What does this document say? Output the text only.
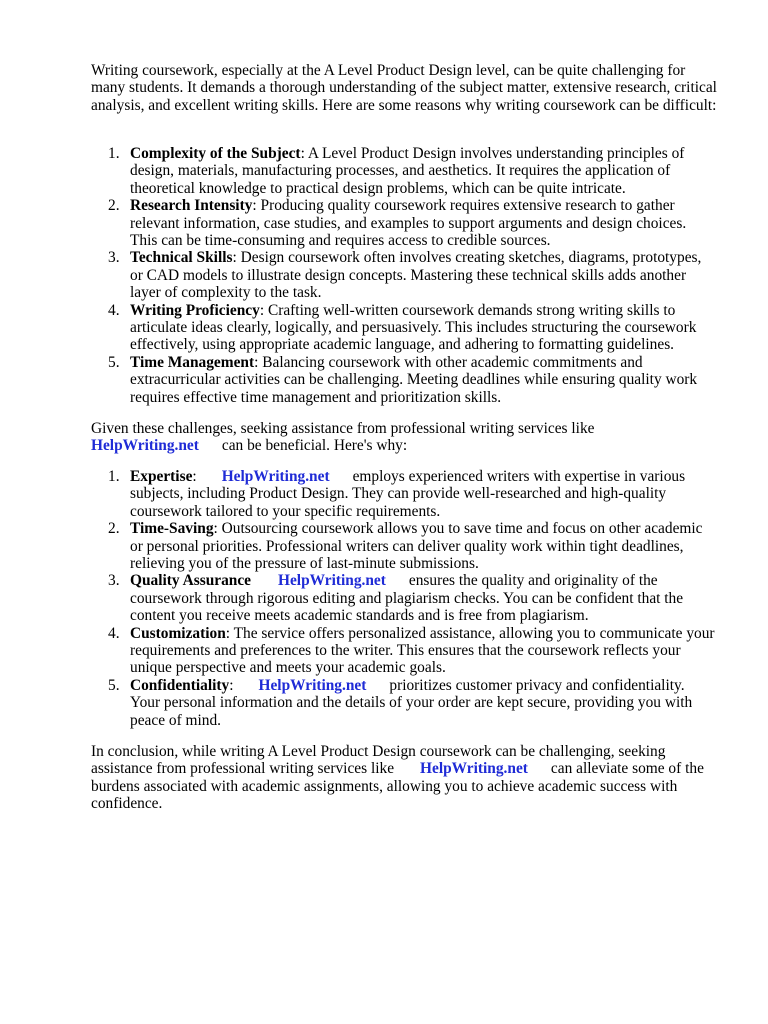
Writing coursework, especially at the A Level Product Design level, can be quite challenging for many students. It demands a thorough understanding of the subject matter, extensive research, critical analysis, and excellent writing skills. Here are some reasons why writing coursework can be difficult:

1. Complexity of the Subject: A Level Product Design involves understanding principles of design, materials, manufacturing processes, and aesthetics. It requires the application of theoretical knowledge to practical design problems, which can be quite intricate.
2. Research Intensity: Producing quality coursework requires extensive research to gather relevant information, case studies, and examples to support arguments and design choices. This can be time-consuming and requires access to credible sources.
3. Technical Skills: Design coursework often involves creating sketches, diagrams, prototypes, or CAD models to illustrate design concepts. Mastering these technical skills adds another layer of complexity to the task.
4. Writing Proficiency: Crafting well-written coursework demands strong writing skills to articulate ideas clearly, logically, and persuasively. This includes structuring the coursework effectively, using appropriate academic language, and adhering to formatting guidelines.
5. Time Management: Balancing coursework with other academic commitments and extracurricular activities can be challenging. Meeting deadlines while ensuring quality work requires effective time management and prioritization skills.

Given these challenges, seeking assistance from professional writing services like
HelpWriting.net can be beneficial. Here's why:

1. Expertise: HelpWriting.net employs experienced writers with expertise in various subjects, including Product Design. They can provide well-researched and high-quality coursework tailored to your specific requirements.
2. Time-Saving: Outsourcing coursework allows you to save time and focus on other academic or personal priorities. Professional writers can deliver quality work within tight deadlines, relieving you of the pressure of last-minute submissions.
3. Quality Assurance HelpWriting.net ensures the quality and originality of the coursework through rigorous editing and plagiarism checks. You can be confident that the content you receive meets academic standards and is free from plagiarism.
4. Customization: The service offers personalized assistance, allowing you to communicate your requirements and preferences to the writer. This ensures that the coursework reflects your unique perspective and meets your academic goals.
5. Confidentiality: HelpWriting.net prioritizes customer privacy and confidentiality. Your personal information and the details of your order are kept secure, providing you with peace of mind.

In conclusion, while writing A Level Product Design coursework can be challenging, seeking assistance from professional writing services like HelpWriting.net can alleviate some of the burdens associated with academic assignments, allowing you to achieve academic success with confidence.
